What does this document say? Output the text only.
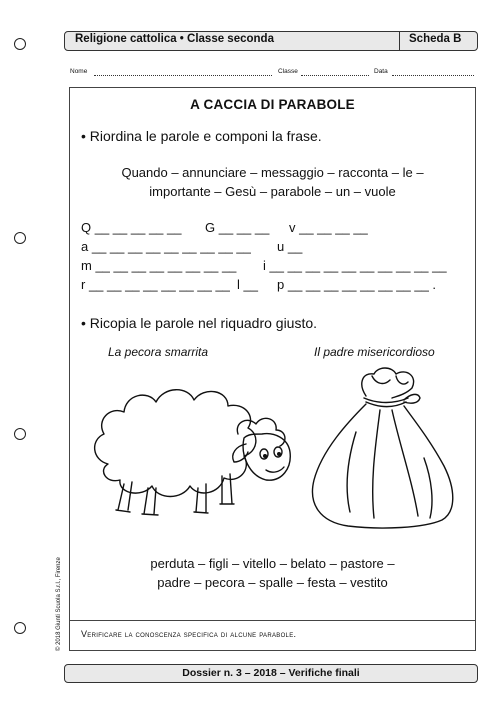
Religione cattolica • Classe seconda	Scheda B
Nome	Classe	Data
A CACCIA DI PARABOLE
• Riordina le parole e componi la frase.
Quando – annunciare – messaggio – racconta – le –
importante – Gesù – parabole – un – vuole
Q __ __ __ __ __ G __ __ __ v __ __ __ __
a __ __ __ __ __ __ __ __ __ u __
m __ __ __ __ __ __ __ __ i __ __ __ __ __ __ __ __ __ __
r __ __ __ __ __ __ __ __ l __ p __ __ __ __ __ __ __ __ .
• Ricopia le parole nel riquadro giusto.
La pecora smarrita	Il padre misericordioso
perduta – figli – vitello – belato – pastore –
padre – pecora – spalle – festa – vestito
Verificare la conoscenza specifica di alcune parabole.
Dossier n. 3 – 2018 – Verifiche finali
© 2018 Giunti Scuola S.r.l., Firenze
